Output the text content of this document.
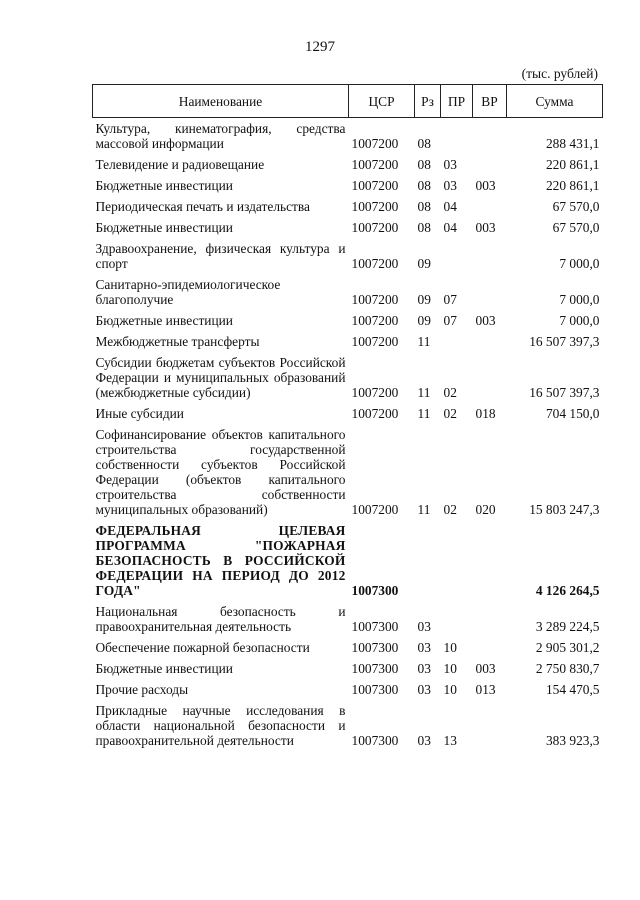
1297
(тыс. рублей)
Наименование	ЦСР	Рз	ПР	ВР	Сумма
Культура, кинематография, средства массовой информации	1007200	08			288 431,1
Телевидение и радиовещание	1007200	08	03		220 861,1
Бюджетные инвестиции	1007200	08	03	003	220 861,1
Периодическая печать и издательства	1007200	08	04		67 570,0
Бюджетные инвестиции	1007200	08	04	003	67 570,0
Здравоохранение, физическая культура и спорт	1007200	09			7 000,0
Санитарно-эпидемиологическое благополучие	1007200	09	07		7 000,0
Бюджетные инвестиции	1007200	09	07	003	7 000,0
Межбюджетные трансферты	1007200	11			16 507 397,3
Субсидии бюджетам субъектов Российской Федерации и муниципальных образований (межбюджетные субсидии)	1007200	11	02		16 507 397,3
Иные субсидии	1007200	11	02	018	704 150,0
Софинансирование объектов капитального строительства государственной собственности субъектов Российской Федерации (объектов капитального строительства собственности муниципальных образований)	1007200	11	02	020	15 803 247,3
ФЕДЕРАЛЬНАЯ ЦЕЛЕВАЯ ПРОГРАММА "ПОЖАРНАЯ БЕЗОПАСНОСТЬ В РОССИЙСКОЙ ФЕДЕРАЦИИ НА ПЕРИОД ДО 2012 ГОДА"	1007300				4 126 264,5
Национальная безопасность и правоохранительная деятельность	1007300	03			3 289 224,5
Обеспечение пожарной безопасности	1007300	03	10		2 905 301,2
Бюджетные инвестиции	1007300	03	10	003	2 750 830,7
Прочие расходы	1007300	03	10	013	154 470,5
Прикладные научные исследования в области национальной безопасности и правоохранительной деятельности	1007300	03	13		383 923,3
